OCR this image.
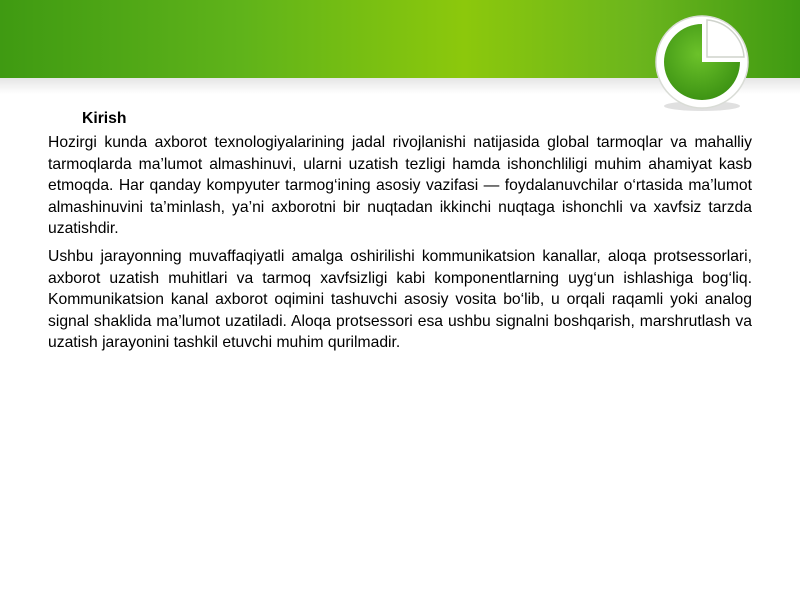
Kirish

Hozirgi kunda axborot texnologiyalarining jadal rivojlanishi natijasida global tarmoqlar va mahalliy tarmoqlarda ma’lumot almashinuvi, ularni uzatish tezligi hamda ishonchliligi muhim ahamiyat kasb etmoqda. Har qanday kompyuter tarmog‘ining asosiy vazifasi — foydalanuvchilar o‘rtasida ma’lumot almashinuvini ta’minlash, ya’ni axborotni bir nuqtadan ikkinchi nuqtaga ishonchli va xavfsiz tarzda uzatishdir.

Ushbu jarayonning muvaffaqiyatli amalga oshirilishi kommunikatsion kanallar, aloqa protsessorlari, axborot uzatish muhitlari va tarmoq xavfsizligi kabi komponentlarning uyg‘un ishlashiga bog‘liq. Kommunikatsion kanal axborot oqimini tashuvchi asosiy vosita bo‘lib, u orqali raqamli yoki analog signal shaklida ma’lumot uzatiladi. Aloqa protsessori esa ushbu signalni boshqarish, marshrutlash va uzatish jarayonini tashkil etuvchi muhim qurilmadir.
